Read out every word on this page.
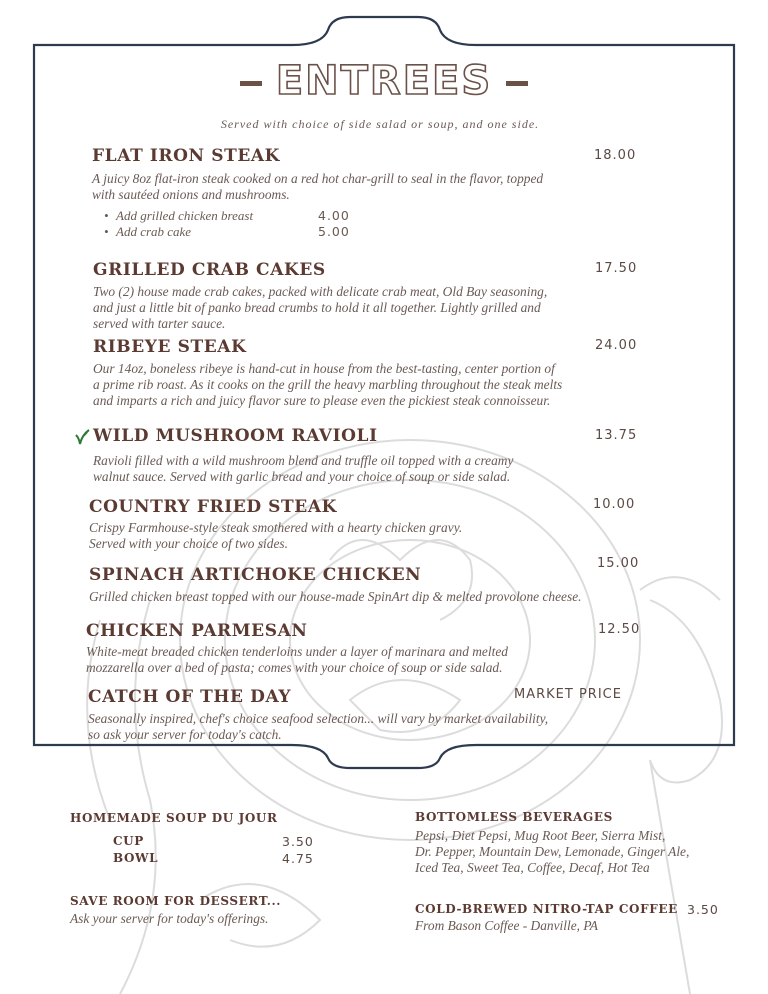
ENTREES
Served with choice of side salad or soup, and one side.
FLAT IRON STEAK	18.00
A juicy 8oz flat-iron steak cooked on a red hot char-grill to seal in the flavor, topped
with sautéed onions and mushrooms.
Add grilled chicken breast	4.00
Add crab cake	5.00
GRILLED CRAB CAKES	17.50
Two (2) house made crab cakes, packed with delicate crab meat, Old Bay seasoning,
and just a little bit of panko bread crumbs to hold it all together. Lightly grilled and
served with tarter sauce.
RIBEYE STEAK	24.00
Our 14oz, boneless ribeye is hand-cut in house from the best-tasting, center portion of
a prime rib roast. As it cooks on the grill the heavy marbling throughout the steak melts
and imparts a rich and juicy flavor sure to please even the pickiest steak connoisseur.
WILD MUSHROOM RAVIOLI	13.75
Ravioli filled with a wild mushroom blend and truffle oil topped with a creamy
walnut sauce. Served with garlic bread and your choice of soup or side salad.
COUNTRY FRIED STEAK	10.00
Crispy Farmhouse-style steak smothered with a hearty chicken gravy.
Served with your choice of two sides.
SPINACH ARTICHOKE CHICKEN
15.00
Grilled chicken breast topped with our house-made SpinArt dip & melted provolone cheese.
CHICKEN PARMESAN	12.50
White-meat breaded chicken tenderloins under a layer of marinara and melted
mozzarella over a bed of pasta; comes with your choice of soup or side salad.
CATCH OF THE DAY	MARKET PRICE
Seasonally inspired, chef's choice seafood selection... will vary by market availability,
so ask your server for today's catch.
HOMEMADE SOUP DU JOUR
CUP	3.50
BOWL	4.75
SAVE ROOM FOR DESSERT...
Ask your server for today's offerings.
BOTTOMLESS BEVERAGES
Pepsi, Diet Pepsi, Mug Root Beer, Sierra Mist,
Dr. Pepper, Mountain Dew, Lemonade, Ginger Ale,
Iced Tea, Sweet Tea, Coffee, Decaf, Hot Tea
COLD-BREWED NITRO-TAP COFFEE 3.50
From Bason Coffee - Danville, PA
